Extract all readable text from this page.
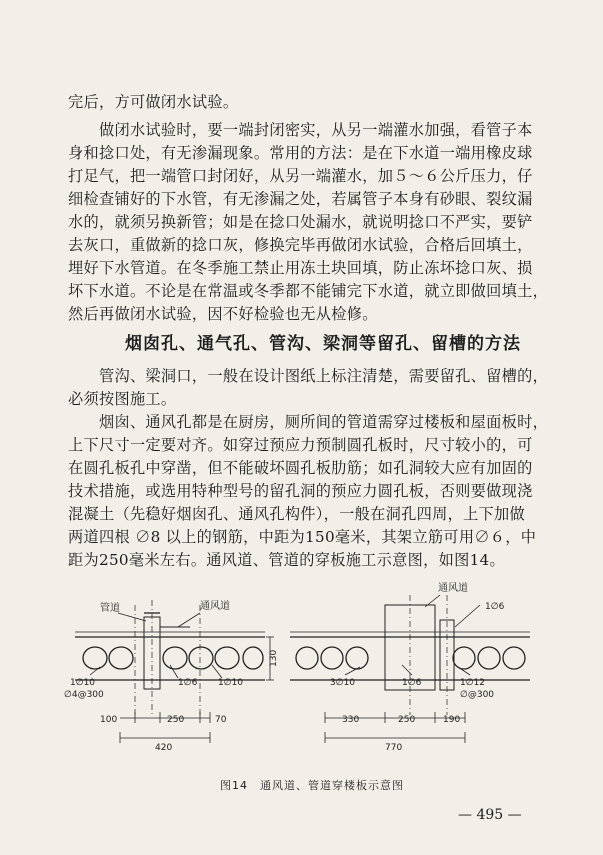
完后，方可做闭水试验。
　　做闭水试验时，要一端封闭密实，从另一端灌水加强，看管子本
身和捻口处，有无渗漏现象。常用的方法：是在下水道一端用橡皮球
打足气，把一端管口封闭好，从另一端灌水，加５～６公斤压力，仔
细检查铺好的下水管，有无渗漏之处，若属管子本身有砂眼、裂纹漏
水的，就须另换新管；如是在捻口处漏水，就说明捻口不严实，要铲
去灰口，重做新的捻口灰，修换完毕再做闭水试验，合格后回填土，
埋好下水管道。在冬季施工禁止用冻土块回填，防止冻坏捻口灰、损
坏下水道。不论是在常温或冬季都不能铺完下水道，就立即做回填土，
然后再做闭水试验，因不好检验也无从检修。
烟囱孔、通气孔、管沟、梁洞等留孔、留槽的方法
　　管沟、梁洞口，一般在设计图纸上标注清楚，需要留孔、留槽的，
必须按图施工。
　　烟囱、通风孔都是在厨房，厕所间的管道需穿过楼板和屋面板时，
上下尺寸一定要对齐。如穿过预应力预制圆孔板时，尺寸较小的，可
在圆孔板孔中穿凿，但不能破坏圆孔板肋筋；如孔洞较大应有加固的
技术措施，或选用特种型号的留孔洞的预应力圆孔板，否则要做现浇
混凝土（先稳好烟囱孔、通风孔构件），一般在洞孔四周，上下加做
两道四根 ∅8 以上的钢筋，中距为150毫米，其架立筋可用∅６，中
距为250毫米左右。通风道、管道的穿板施工示意图，如图14。
管道	通风道
1∅6 1∅10
1∅10
∅4@300
130
100	250	70
420
通风道
1∅6
3∅10	1∅6	1∅12
∅@300
330	250	190
770
图14　通风道、管道穿楼板示意图
— 495 —
